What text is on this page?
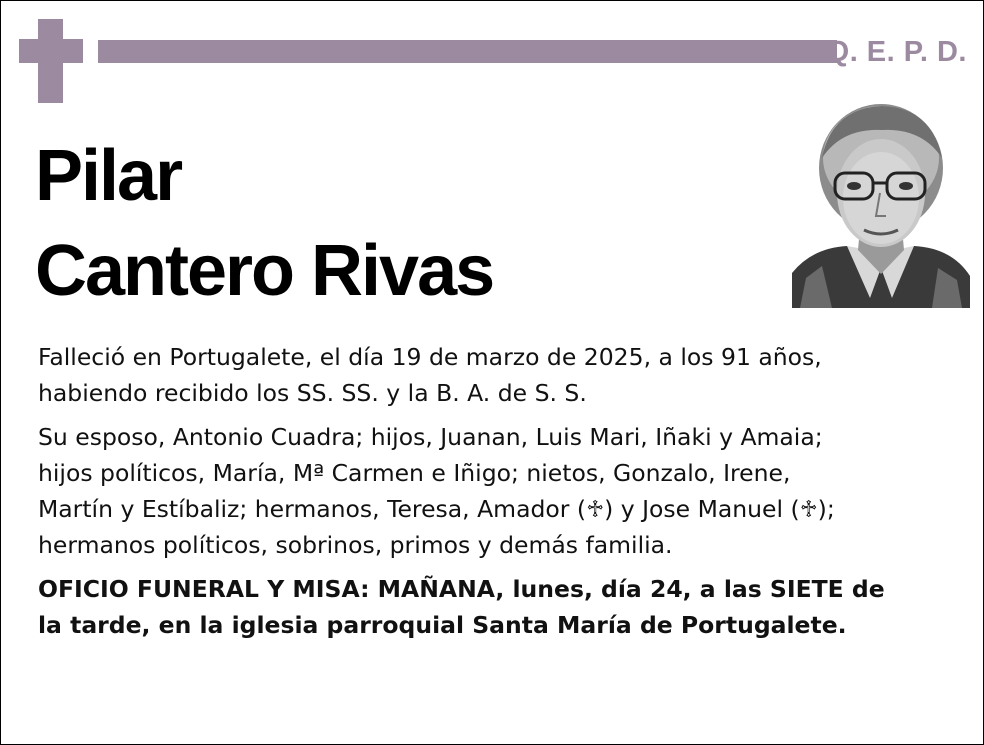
Q. E. P. D.
Pilar
Cantero Rivas

Falleció en Portugalete, el día 19 de marzo de 2025, a los 91 años,
habiendo recibido los SS. SS. y la B. A. de S. S.

Su esposo, Antonio Cuadra; hijos, Juanan, Luis Mari, Iñaki y Amaia;
hijos políticos, María, Mª Carmen e Iñigo; nietos, Gonzalo, Irene,
Martín y Estíbaliz; hermanos, Teresa, Amador (♱) y Jose Manuel (♱);
hermanos políticos, sobrinos, primos y demás familia.

OFICIO FUNERAL Y MISA: MAÑANA, lunes, día 24, a las SIETE de
la tarde, en la iglesia parroquial Santa María de Portugalete.
